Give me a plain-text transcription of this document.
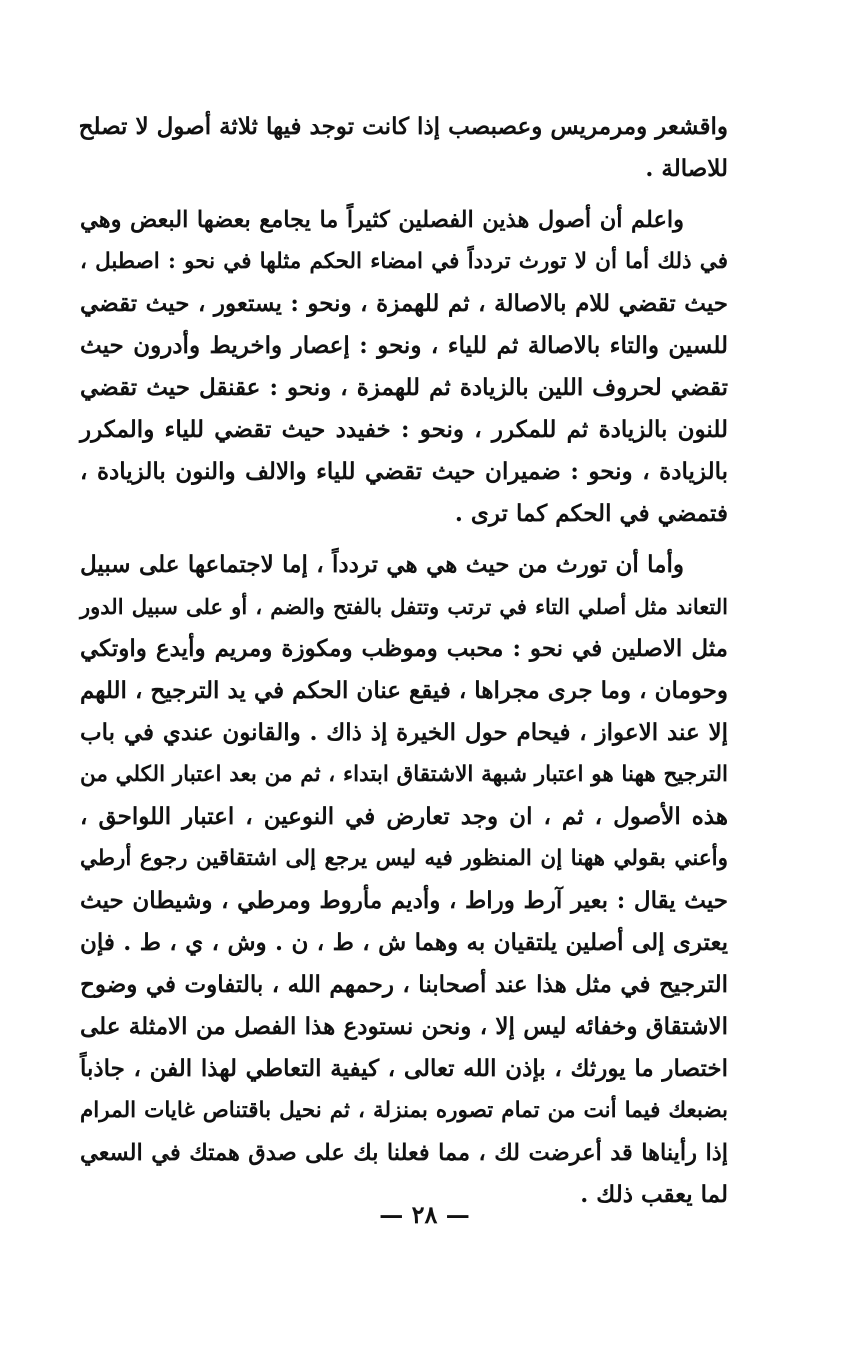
واقشعر ومرمريس وعصبصب إذا كانت توجد فيها ثلاثة أصول لا تصلح
للاصالة .
واعلم أن أصول هذين الفصلين كثيراً ما يجامع بعضها البعض وهي
في ذلك أما أن لا تورث تردداً في امضاء الحكم مثلها في نحو : اصطبل ،
حيث تقضي للام بالاصالة ، ثم للهمزة ، ونحو : يستعور ، حيث تقضي
للسين والتاء بالاصالة ثم للياء ، ونحو : إعصار واخريط وأدرون حيث
تقضي لحروف اللين بالزيادة ثم للهمزة ، ونحو : عقنقل حيث تقضي
للنون بالزيادة ثم للمكرر ، ونحو : خفيدد حيث تقضي للياء والمكرر
بالزيادة ، ونحو : ضميران حيث تقضي للياء والالف والنون بالزيادة ،
فتمضي في الحكم كما ترى .
وأما أن تورث من حيث هي هي تردداً ، إما لاجتماعها على سبيل
التعاند مثل أصلي التاء في ترتب وتتفل بالفتح والضم ، أو على سبيل الدور
مثل الاصلين في نحو : محبب وموظب ومكوزة ومريم وأيدع واوتكي
وحومان ، وما جرى مجراها ، فيقع عنان الحكم في يد الترجيح ، اللهم
إلا عند الاعواز ، فيحام حول الخيرة إذ ذاك . والقانون عندي في باب
الترجيح ههنا هو اعتبار شبهة الاشتقاق ابتداء ، ثم من بعد اعتبار الكلي من
هذه الأصول ، ثم ، ان وجد تعارض في النوعين ، اعتبار اللواحق ،
وأعني بقولي ههنا إن المنظور فيه ليس يرجع إلى اشتقاقين رجوع أرطي
حيث يقال : بعير آرط وراط ، وأديم مأروط ومرطي ، وشيطان حيث
يعترى إلى أصلين يلتقيان به وهما ش ، ط ، ن . وش ، ي ، ط . فإن
الترجيح في مثل هذا عند أصحابنا ، رحمهم الله ، بالتفاوت في وضوح
الاشتقاق وخفائه ليس إلا ، ونحن نستودع هذا الفصل من الامثلة على
اختصار ما يورثك ، بإذن الله تعالى ، كيفية التعاطي لهذا الفن ، جاذباً
بضبعك فيما أنت من تمام تصوره بمنزلة ، ثم نحيل باقتناص غايات المرام
إذا رأيناها قد أعرضت لك ، مما فعلنا بك على صدق همتك في السعي
لما يعقب ذلك .
— ٢٨ —
